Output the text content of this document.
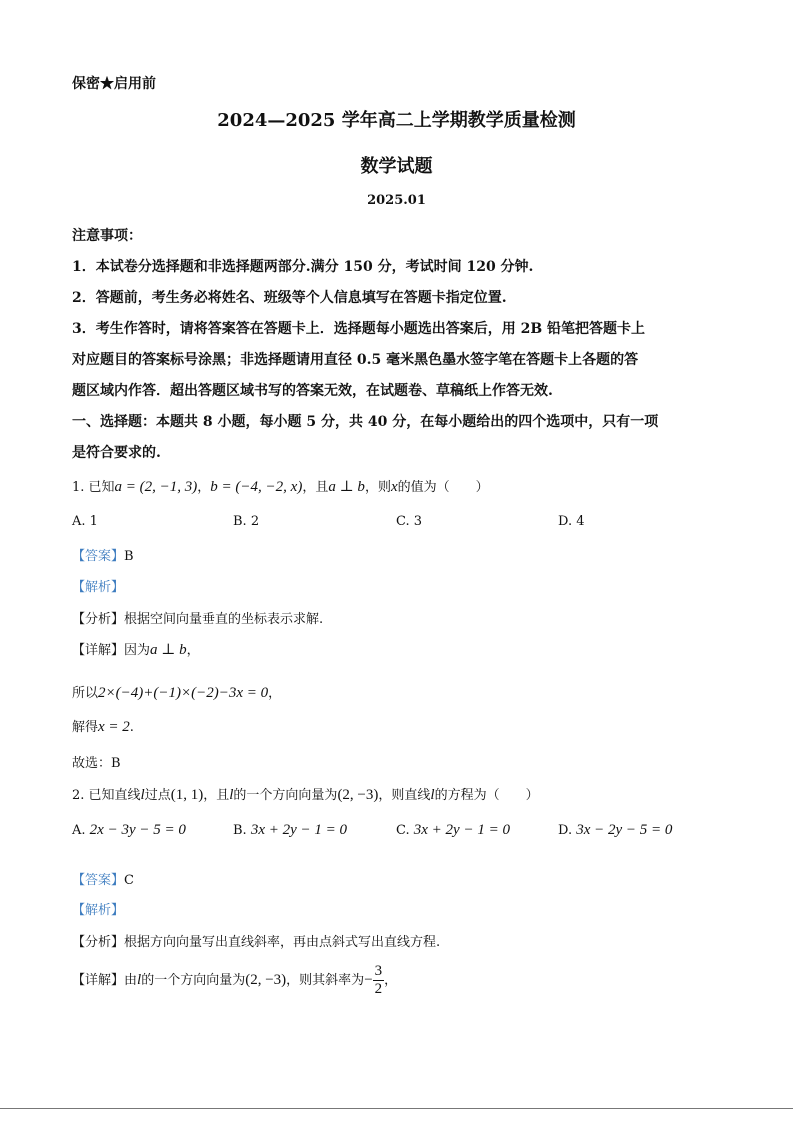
保密★启用前
2024—2025 学年高二上学期教学质量检测
数学试题
2025.01
注意事项：
1．本试卷分选择题和非选择题两部分.满分 150 分，考试时间 120 分钟.
2．答题前，考生务必将姓名、班级等个人信息填写在答题卡指定位置.
3．考生作答时，请将答案答在答题卡上．选择题每小题选出答案后，用 2B 铅笔把答题卡上
对应题目的答案标号涂黑；非选择题请用直径 0.5 毫米黑色墨水签字笔在答题卡上各题的答
题区域内作答．超出答题区域书写的答案无效，在试题卷、草稿纸上作答无效.
一、选择题：本题共 8 小题，每小题 5 分，共 40 分，在每小题给出的四个选项中，只有一项
是符合要求的.
1. 已知a = (2, −1, 3)，b = (−4, −2, x)，且a ⊥ b，则x的值为（　　）
A. 1	B. 2	C. 3	D. 4
【答案】B
【解析】
【分析】根据空间向量垂直的坐标表示求解.
【详解】因为a ⊥ b，
所以2×(−4)+(−1)×(−2)−3x = 0，
解得x = 2.
故选：B
2. 已知直线l过点(1, 1)，且l的一个方向向量为(2, −3)，则直线l的方程为（　　）
A. 2x − 3y − 5 = 0	B. 3x + 2y − 1 = 0	C. 3x + 2y − 1 = 0	D. 3x − 2y − 5 = 0
【答案】C
【解析】
【分析】根据方向向量写出直线斜率，再由点斜式写出直线方程.
【详解】由l的一个方向向量为(2, −3)，则其斜率为− $\frac{3}{2}$ ，
